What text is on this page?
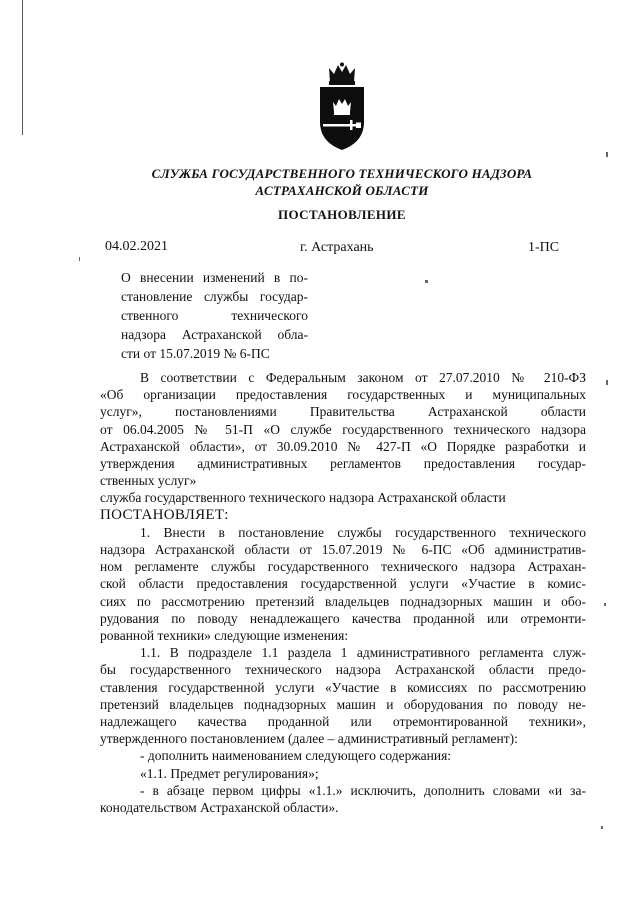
СЛУЖБА ГОСУДАРСТВЕННОГО ТЕХНИЧЕСКОГО НАДЗОРА
АСТРАХАНСКОЙ ОБЛАСТИ
ПОСТАНОВЛЕНИЕ
04.02.2021	г. Астрахань	1-ПС
О внесении изменений в по-
становление службы государ-
ственного технического
надзора Астраханской обла-
сти от 15.07.2019 № 6-ПС
В соответствии с Федеральным законом от 27.07.2010 № 210-ФЗ
«Об организации предоставления государственных и муниципальных
услуг», постановлениями Правительства Астраханской области
от 06.04.2005 № 51-П «О службе государственного технического надзора
Астраханской области», от 30.09.2010 № 427-П «О Порядке разработки и
утверждения административных регламентов предоставления государ-
ственных услуг»
служба государственного технического надзора Астраханской области
ПОСТАНОВЛЯЕТ:
1. Внести в постановление службы государственного технического
надзора Астраханской области от 15.07.2019 № 6-ПС «Об административ-
ном регламенте службы государственного технического надзора Астрахан-
ской области предоставления государственной услуги «Участие в комис-
сиях по рассмотрению претензий владельцев поднадзорных машин и обо-
рудования по поводу ненадлежащего качества проданной или отремонти-
рованной техники» следующие изменения:
1.1. В подразделе 1.1 раздела 1 административного регламента служ-
бы государственного технического надзора Астраханской области предо-
ставления государственной услуги «Участие в комиссиях по рассмотрению
претензий владельцев поднадзорных машин и оборудования по поводу не-
надлежащего качества проданной или отремонтированной техники»,
утвержденного постановлением (далее – административный регламент):
- дополнить наименованием следующего содержания:
«1.1. Предмет регулирования»;
- в абзаце первом цифры «1.1.» исключить, дополнить словами «и за-
конодательством Астраханской области».
